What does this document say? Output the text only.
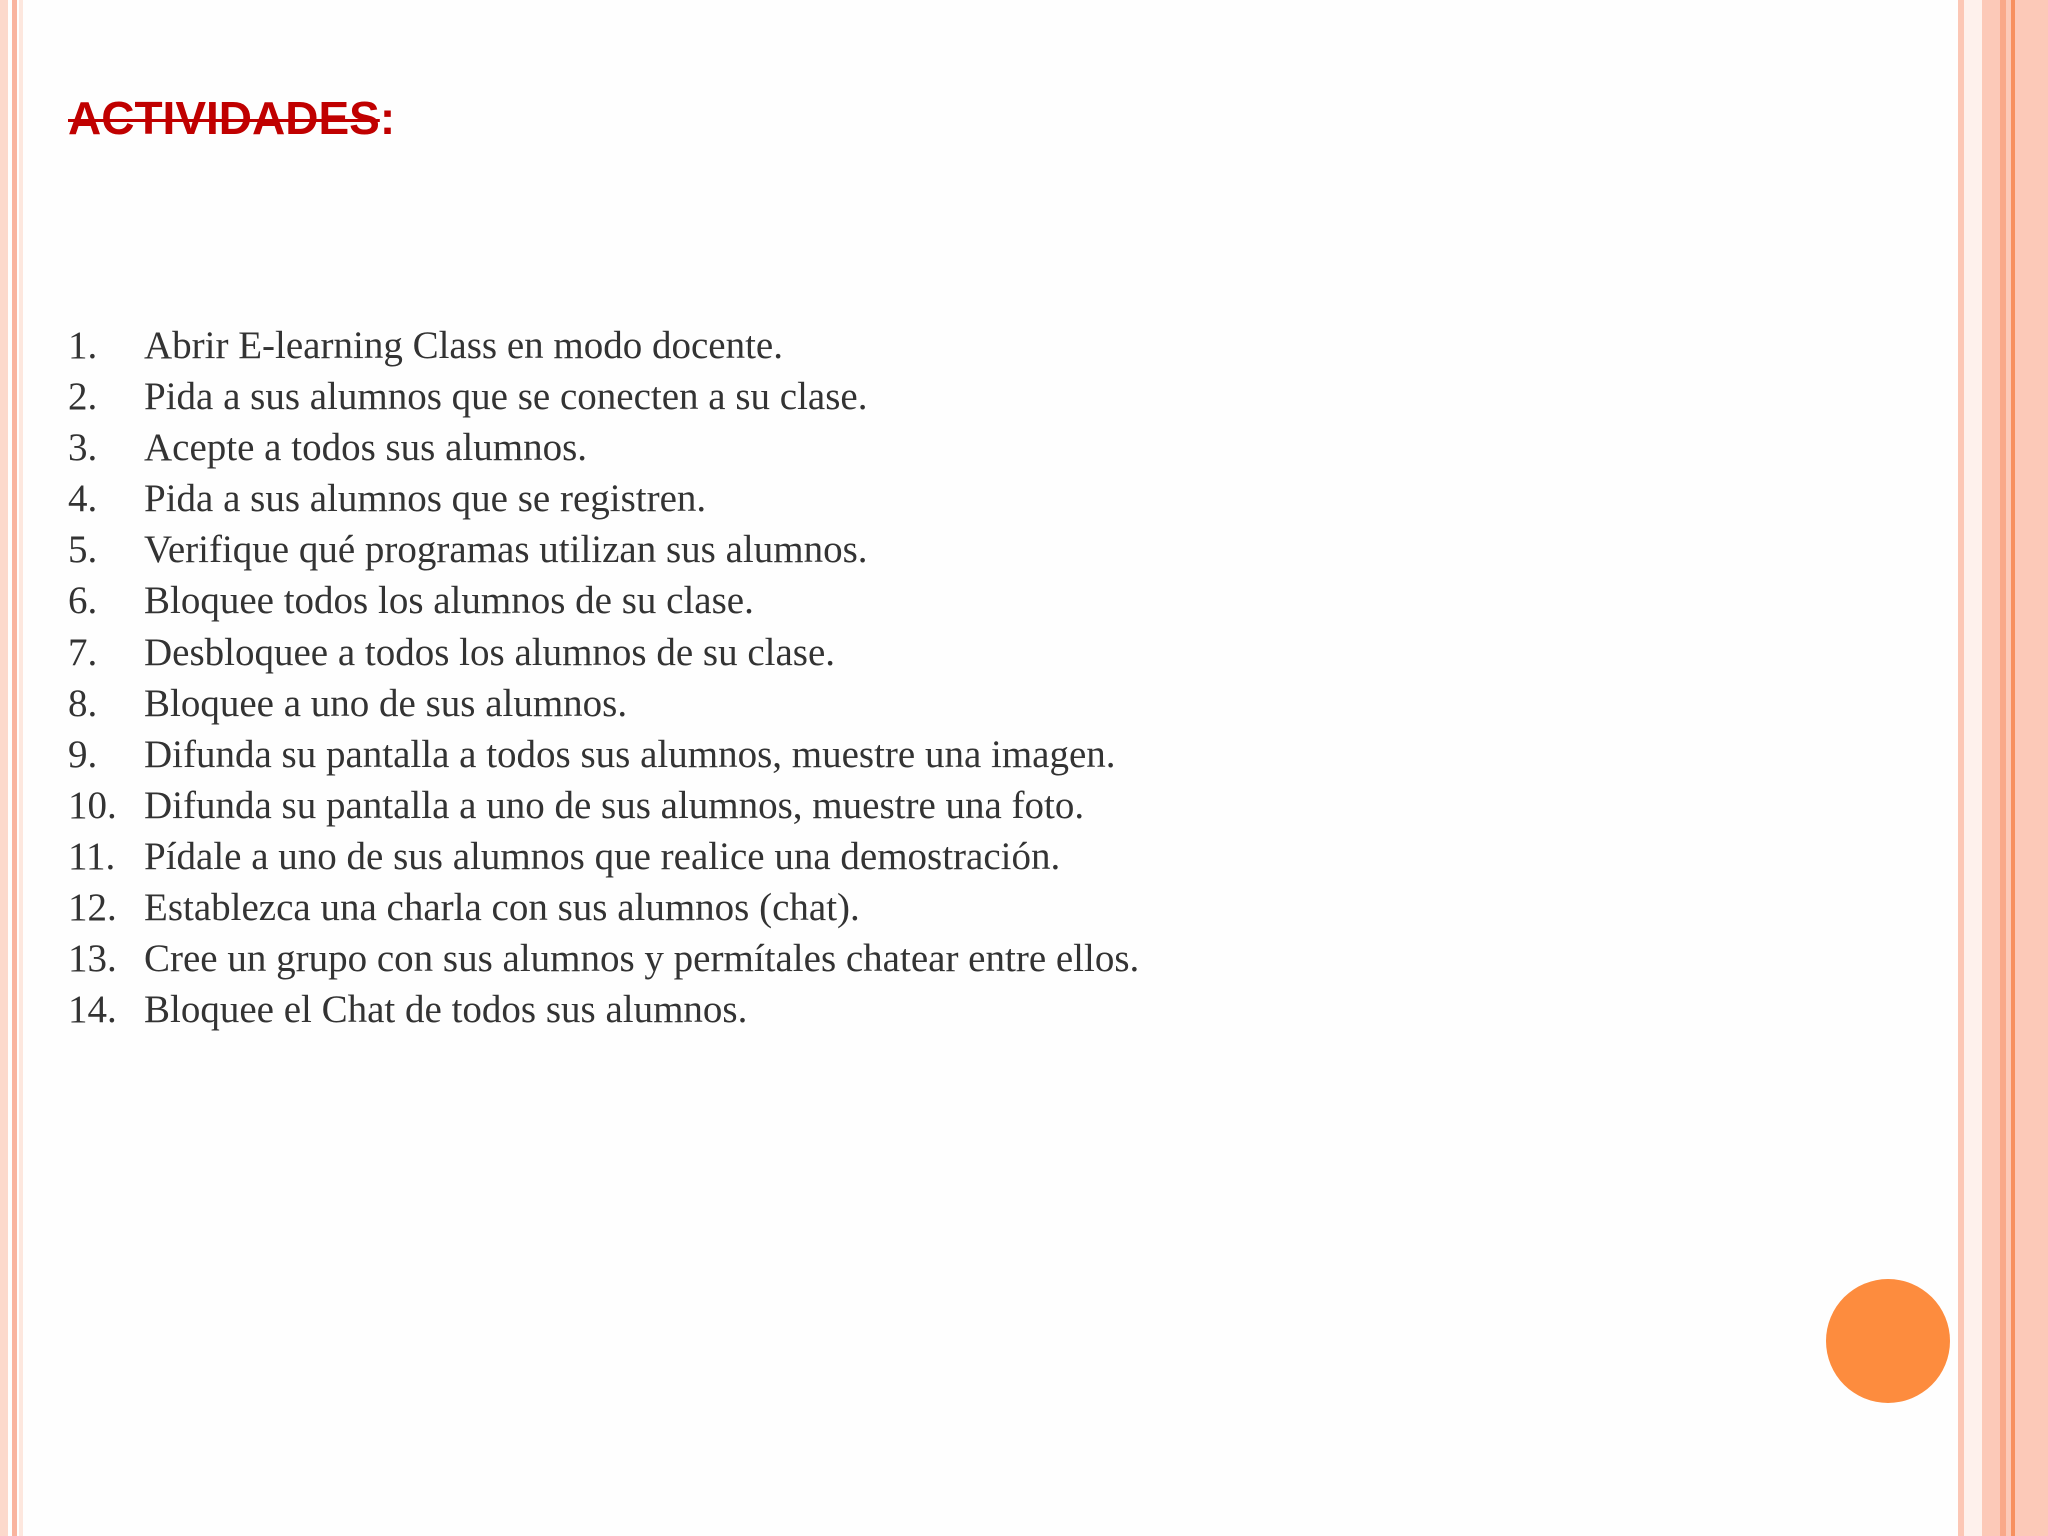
ACTIVIDADES:
1.	Abrir E-learning Class en modo docente.
2.	Pida a sus alumnos que se conecten a su clase.
3.	Acepte a todos sus alumnos.
4.	Pida a sus alumnos que se registren.
5.	Verifique qué programas utilizan sus alumnos.
6.	Bloquee todos los alumnos de su clase.
7.	Desbloquee a todos los alumnos de su clase.
8.	Bloquee a uno de sus alumnos.
9.	Difunda su pantalla a todos sus alumnos, muestre una imagen.
10. Difunda su pantalla a uno de sus alumnos, muestre una foto.
11. Pídale a uno de sus alumnos que realice una demostración.
12. Establezca una charla con sus alumnos (chat).
13. Cree un grupo con sus alumnos y permítales chatear entre ellos.
14. Bloquee el Chat de todos sus alumnos.
